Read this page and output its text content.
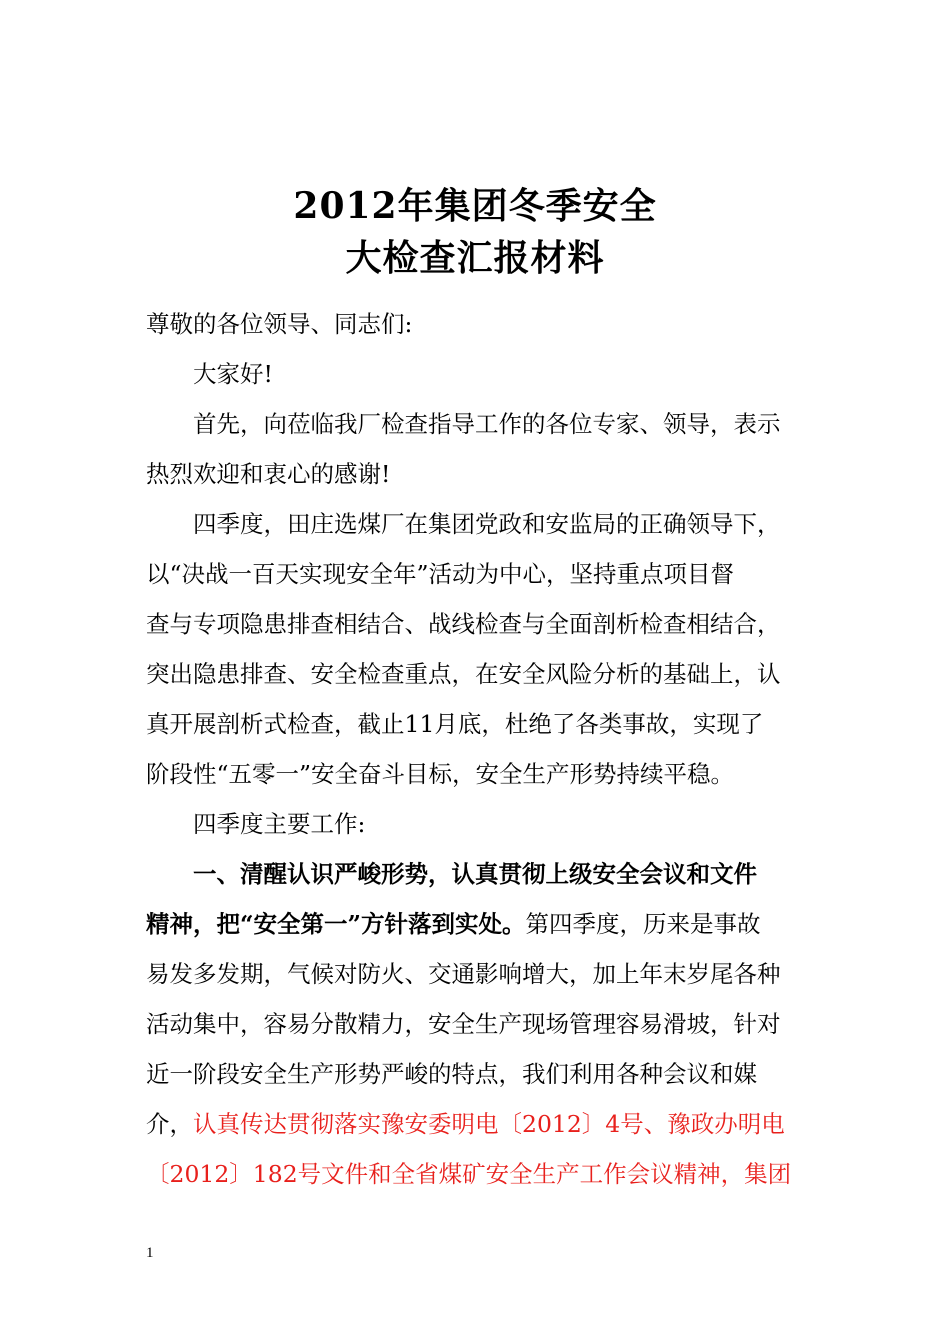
2012年集团冬季安全
大检查汇报材料
尊敬的各位领导、同志们:
大家好!
首先，向莅临我厂检查指导工作的各位专家、领导，表示
热烈欢迎和衷心的感谢!
四季度，田庄选煤厂在集团党政和安监局的正确领导下，
以“决战一百天实现安全年”活动为中心，坚持重点项目督
查与专项隐患排查相结合、战线检查与全面剖析检查相结合，
突出隐患排查、安全检查重点，在安全风险分析的基础上，认
真开展剖析式检查，截止11月底，杜绝了各类事故，实现了
阶段性“五零一”安全奋斗目标，安全生产形势持续平稳。
四季度主要工作:
一、清醒认识严峻形势，认真贯彻上级安全会议和文件
精神，把“安全第一”方针落到实处。第四季度，历来是事故
易发多发期，气候对防火、交通影响增大，加上年末岁尾各种
活动集中，容易分散精力，安全生产现场管理容易滑坡，针对
近一阶段安全生产形势严峻的特点，我们利用各种会议和媒
介，认真传达贯彻落实豫安委明电〔2012〕4号、豫政办明电
〔2012〕182号文件和全省煤矿安全生产工作会议精神，集团
1
